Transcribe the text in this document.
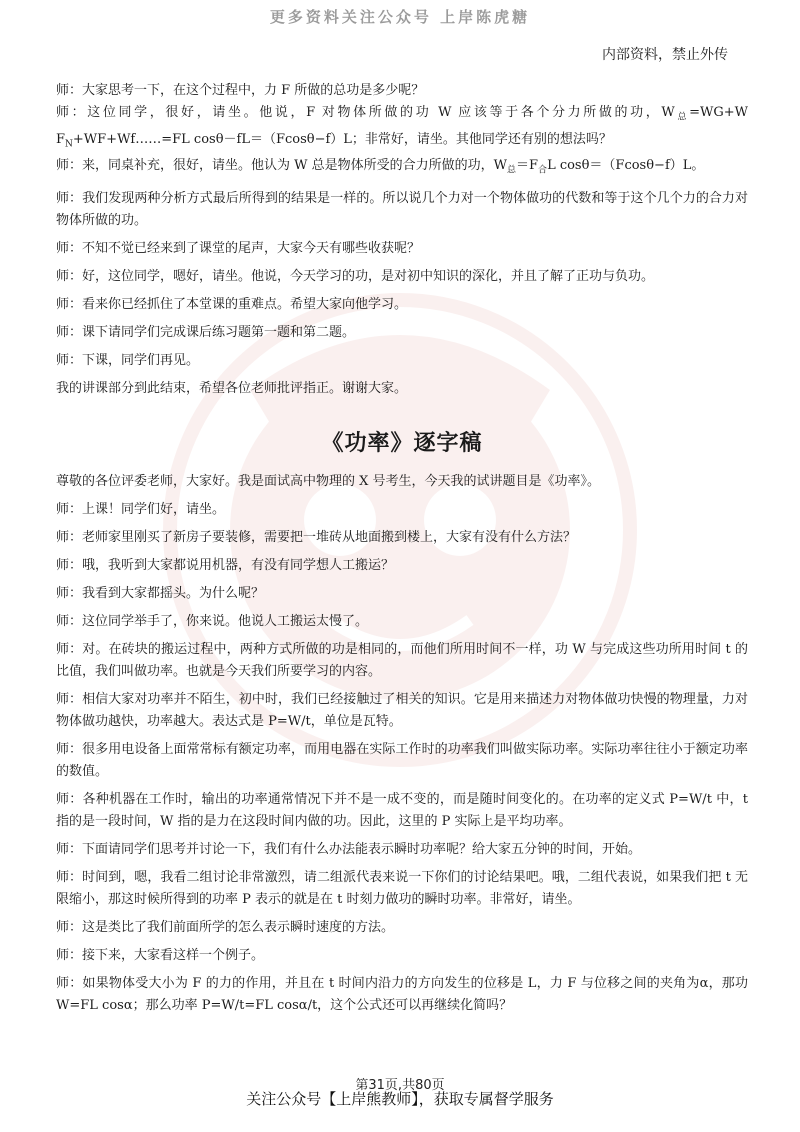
更多资料关注公众号 上岸陈虎糖
内部资料，禁止外传

师：大家思考一下，在这个过程中，力 F 所做的总功是多少呢？

师：这位同学，很好，请坐。他说，F 对物体所做的功 W 应该等于各个分力所做的功，$W_总=WG+W$ $F_N+WF+Wf\dots\dots=FL$ cosθ－fL＝（Fcosθ−f）L；非常好，请坐。其他同学还有别的想法吗？

师：来，同桌补充，很好，请坐。他认为 W 总是物体所受的合力所做的功，$W_总=F_合L$ cosθ＝（Fcosθ−f）L。

师：我们发现两种分析方式最后所得到的结果是一样的。所以说几个力对一个物体做功的代数和等于这个几个力的合力对物体所做的功。

师：不知不觉已经来到了课堂的尾声，大家今天有哪些收获呢？

师：好，这位同学，嗯好，请坐。他说，今天学习的功，是对初中知识的深化，并且了解了正功与负功。

师：看来你已经抓住了本堂课的重难点。希望大家向他学习。

师：课下请同学们完成课后练习题第一题和第二题。

师：下课，同学们再见。

我的讲课部分到此结束，希望各位老师批评指正。谢谢大家。

《功率》逐字稿

尊敬的各位评委老师，大家好。我是面试高中物理的 X 号考生，今天我的试讲题目是《功率》。

师：上课！同学们好，请坐。

师：老师家里刚买了新房子要装修，需要把一堆砖从地面搬到楼上，大家有没有什么方法？

师：哦，我听到大家都说用机器，有没有同学想人工搬运？

师：我看到大家都摇头。为什么呢？

师：这位同学举手了，你来说。他说人工搬运太慢了。

师：对。在砖块的搬运过程中，两种方式所做的功是相同的，而他们所用时间不一样，功 W 与完成这些功所用时间 t 的比值，我们叫做功率。也就是今天我们所要学习的内容。

师：相信大家对功率并不陌生，初中时，我们已经接触过了相关的知识。它是用来描述力对物体做功快慢的物理量，力对物体做功越快，功率越大。表达式是 P=W/t，单位是瓦特。

师：很多用电设备上面常常标有额定功率，而用电器在实际工作时的功率我们叫做实际功率。实际功率往往小于额定功率的数值。

师：各种机器在工作时，输出的功率通常情况下并不是一成不变的，而是随时间变化的。在功率的定义式 P=W/t 中，t 指的是一段时间，W 指的是力在这段时间内做的功。因此，这里的 P 实际上是平均功率。

师：下面请同学们思考并讨论一下，我们有什么办法能表示瞬时功率呢？给大家五分钟的时间，开始。

师：时间到，嗯，我看二组讨论非常激烈，请二组派代表来说一下你们的讨论结果吧。哦，二组代表说，如果我们把 t 无限缩小，那这时候所得到的功率 P 表示的就是在 t 时刻力做功的瞬时功率。非常好，请坐。

师：这是类比了我们前面所学的怎么表示瞬时速度的方法。

师：接下来，大家看这样一个例子。

师：如果物体受大小为 F 的力的作用，并且在 t 时间内沿力的方向发生的位移是 L，力 F 与位移之间的夹角为α，那功 W=FL cosα；那么功率 P=W/t=FL cosα/t，这个公式还可以再继续化简吗？

第31页,共80页
关注公众号【上岸熊教师】，获取专属督学服务
